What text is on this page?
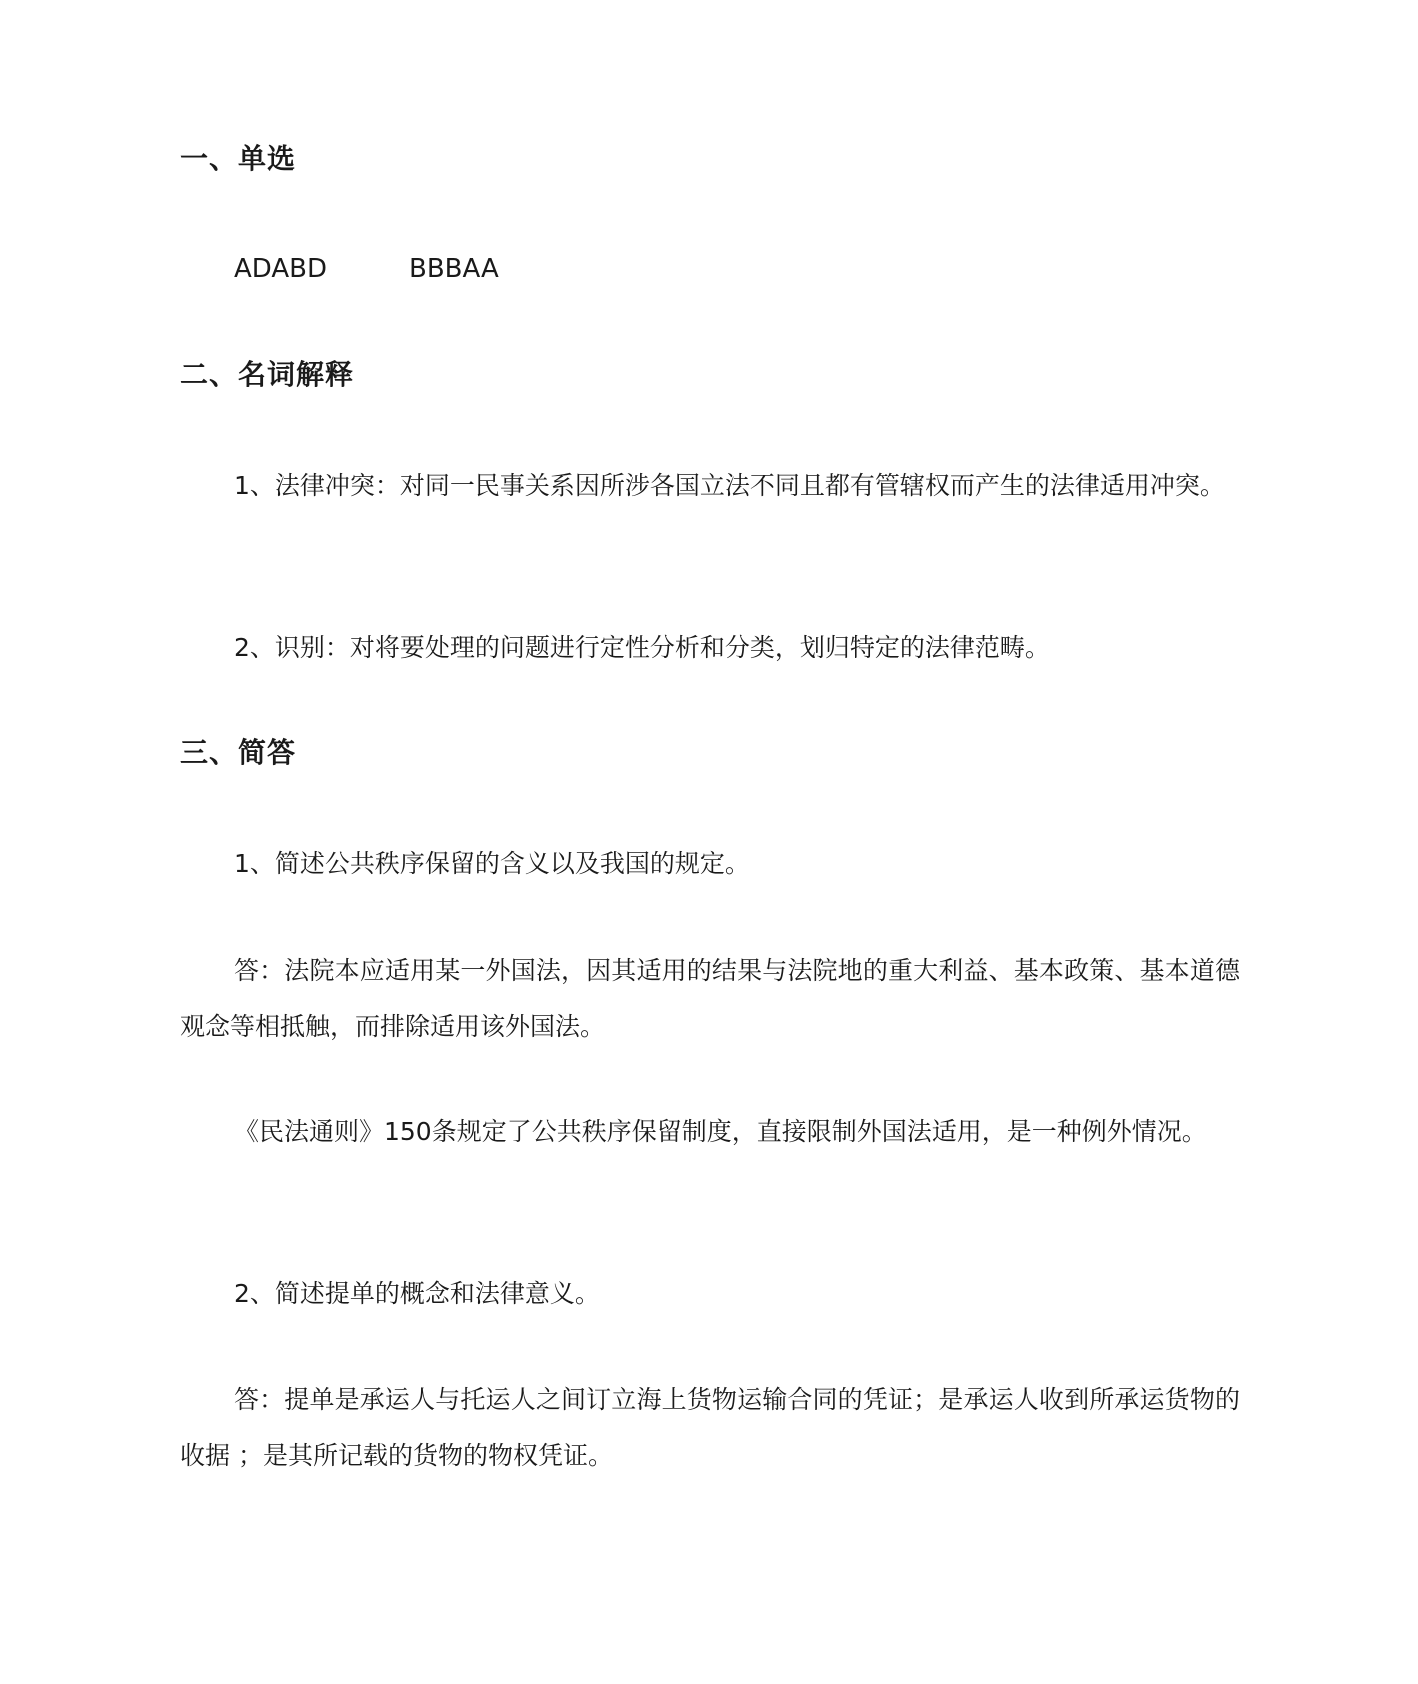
一、单选
ADABD	BBBAA
二、名词解释

1、法律冲突：对同一民事关系因所涉各国立法不同且都有管辖权而产生的法律适用冲突。

2、识别：对将要处理的问题进行定性分析和分类，划归特定的法律范畴。

三、简答

1、简述公共秩序保留的含义以及我国的规定。

答：法院本应适用某一外国法，因其适用的结果与法院地的重大利益、基本政策、基本道德观念等相抵触，而排除适用该外国法。

《民法通则》150条规定了公共秩序保留制度，直接限制外国法适用，是一种例外情况。

2、简述提单的概念和法律意义。

答：提单是承运人与托运人之间订立海上货物运输合同的凭证；是承运人收到所承运货物的收据 ；是其所记载的货物的物权凭证。
